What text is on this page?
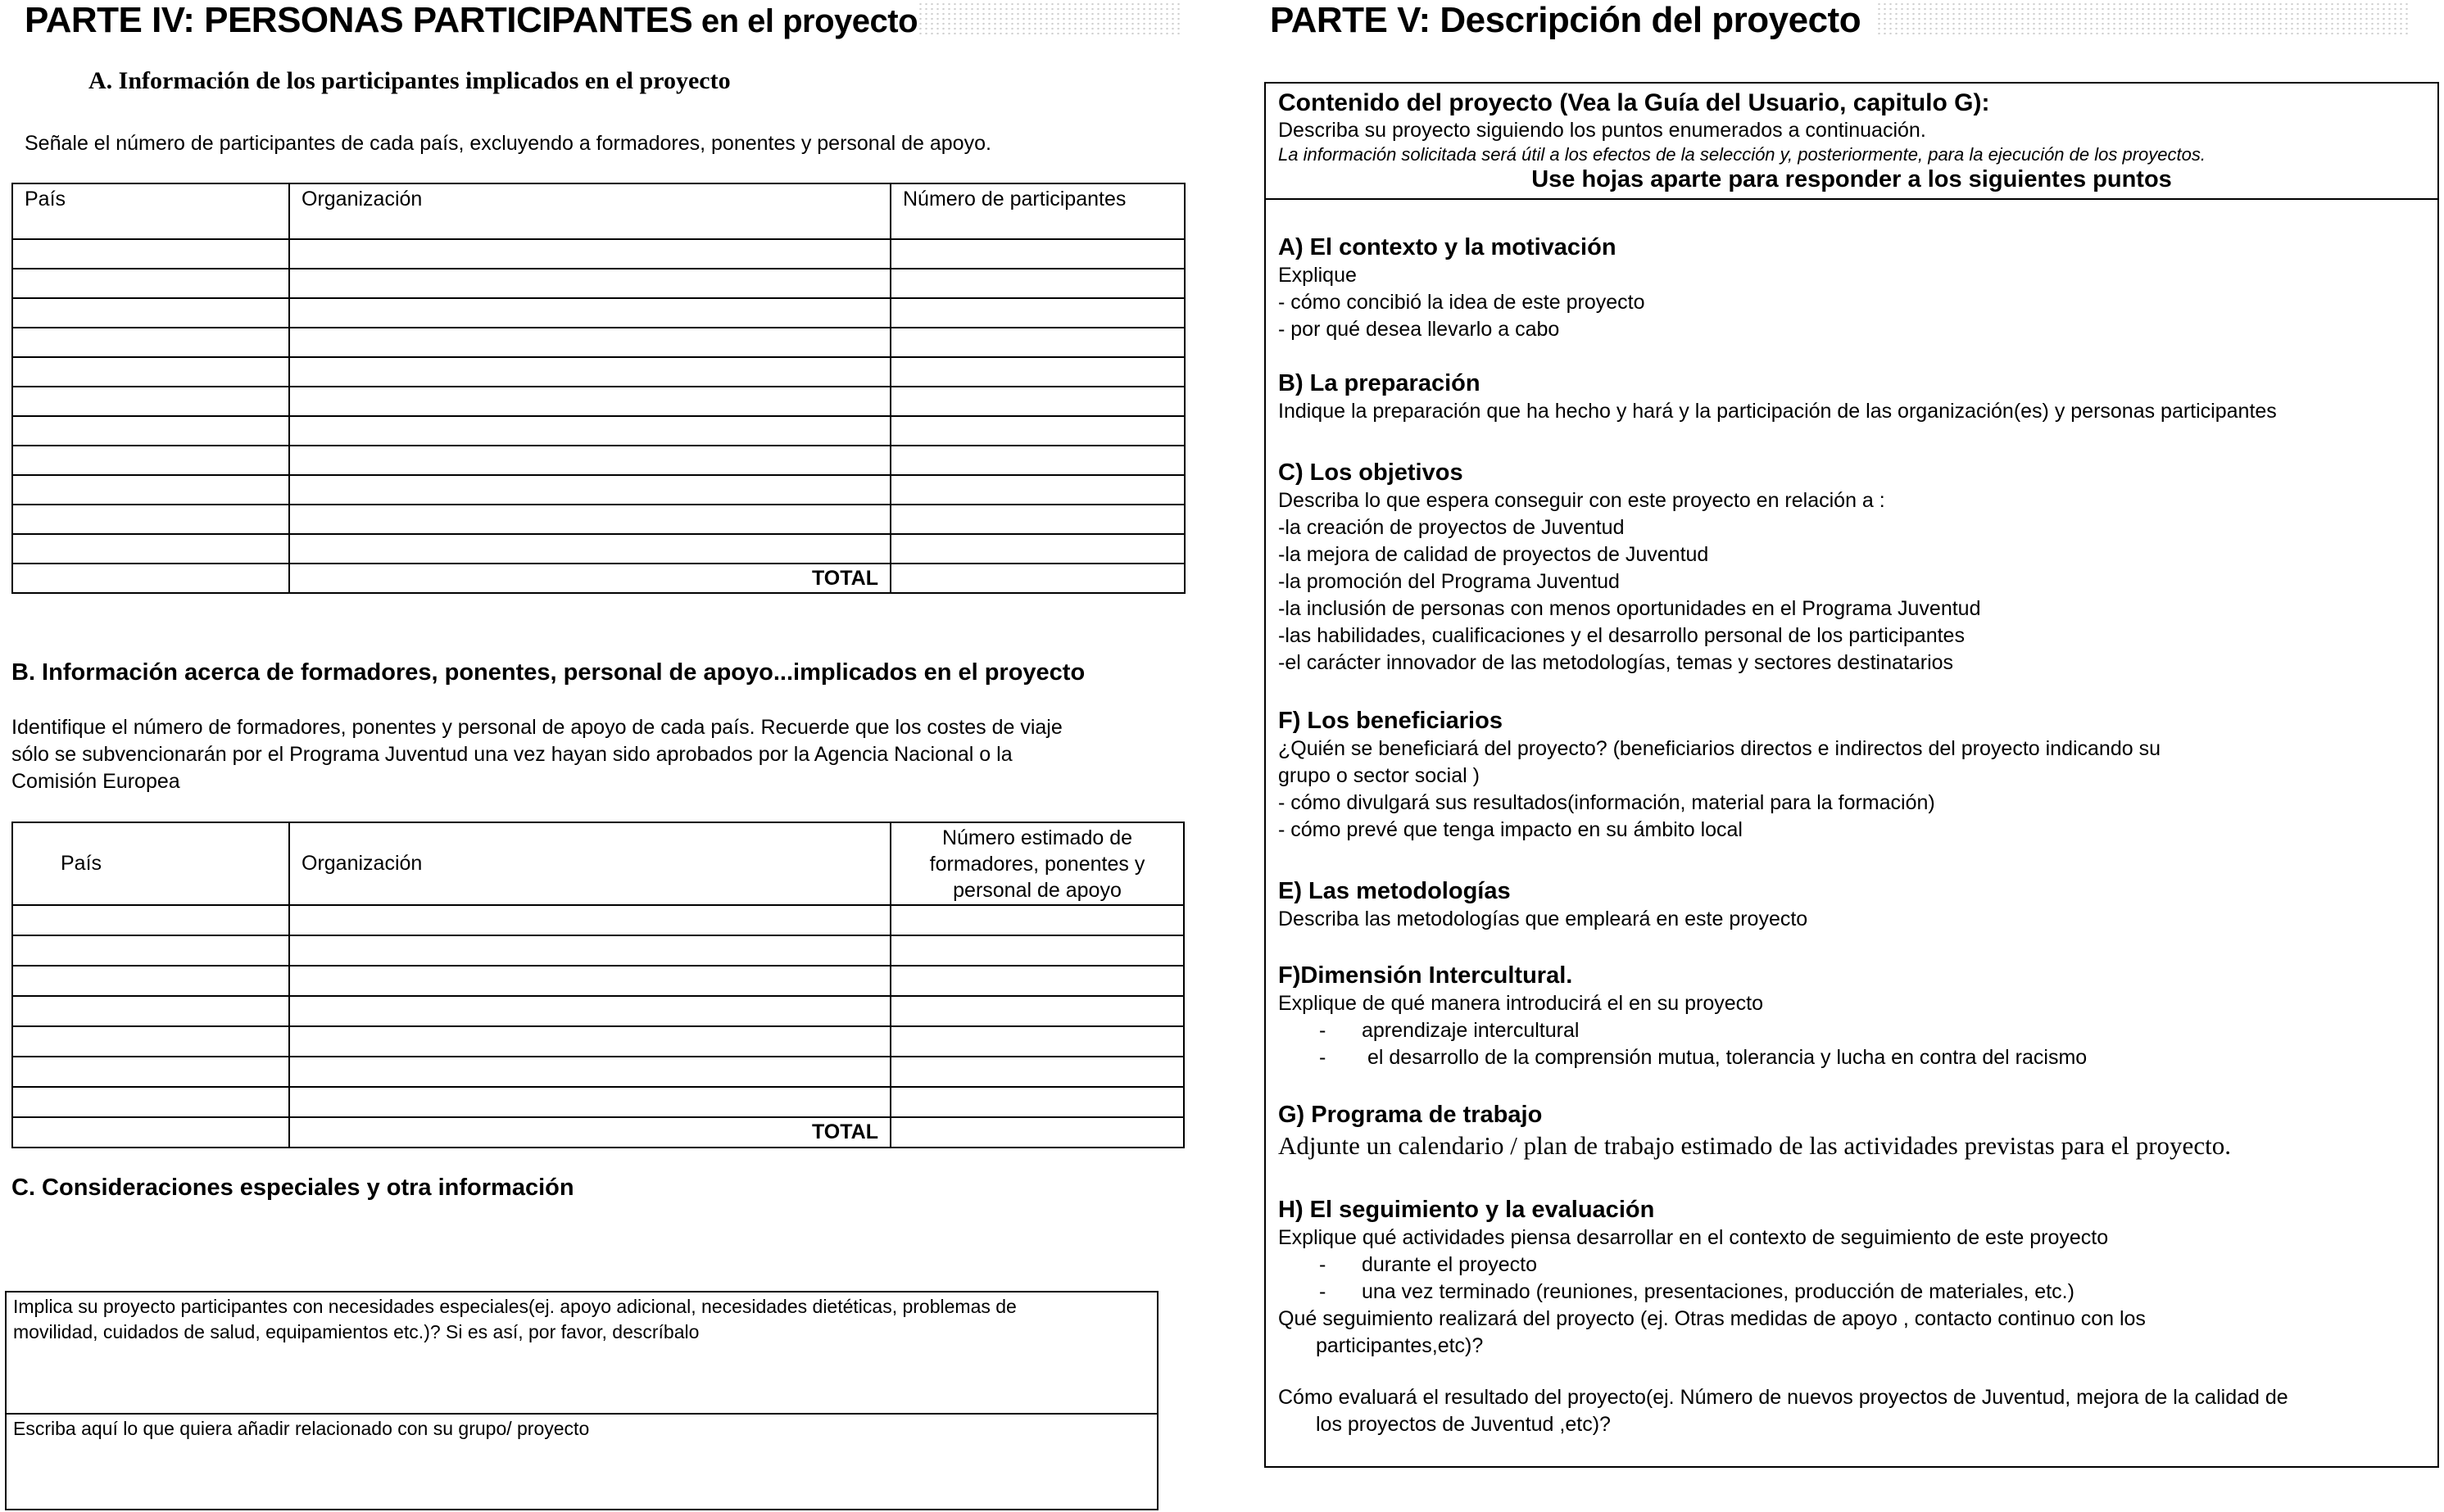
PARTE IV: PERSONAS PARTICIPANTES en el proyecto
A. Información de los participantes implicados en el proyecto
Señale el número de participantes de cada país, excluyendo a formadores, ponentes y personal de apoyo.
País	Organización	Número de participantes

	TOTAL	
B. Información acerca de formadores, ponentes, personal de apoyo...implicados en el proyecto
Identifique el número de formadores, ponentes y personal de apoyo de cada país. Recuerde que los costes de viaje
sólo se subvencionarán por el Programa Juventud una vez hayan sido aprobados por la Agencia Nacional o la
Comisión Europea
País	Organización	Número estimado de
formadores, ponentes y
personal de apoyo

	TOTAL	
C. Consideraciones especiales y otra información
Implica su proyecto participantes con necesidades especiales(ej. apoyo adicional, necesidades dietéticas, problemas de
movilidad, cuidados de salud, equipamientos etc.)? Si es así, por favor, descríbalo
Escriba aquí lo que quiera añadir relacionado con su grupo/ proyecto
PARTE V: Descripción del proyecto
Contenido del proyecto (Vea la Guía del Usuario, capitulo G):
Describa su proyecto siguiendo los puntos enumerados a continuación.
La información solicitada será útil a los efectos de la selección y, posteriormente, para la ejecución de los proyectos.
Use hojas aparte para responder a los siguientes puntos
A) El contexto y la motivación
Explique
- cómo concibió la idea de este proyecto
- por qué desea llevarlo a cabo
B) La preparación
Indique la preparación que ha hecho y hará y la participación de las organización(es) y personas participantes
C) Los objetivos
Describa lo que espera conseguir con este proyecto en relación a :
-la creación de proyectos de Juventud
-la mejora de calidad de proyectos de Juventud
-la promoción del Programa Juventud
-la inclusión de personas con menos oportunidades en el Programa Juventud
-las habilidades, cualificaciones y el desarrollo personal de los participantes
-el carácter innovador de las metodologías, temas y sectores destinatarios
F) Los beneficiarios
¿Quién se beneficiará del proyecto? (beneficiarios directos e indirectos del proyecto indicando su
grupo o sector social )
- cómo divulgará sus resultados(información, material para la formación)
- cómo prevé que tenga impacto en su ámbito local
E) Las metodologías
Describa las metodologías que empleará en este proyecto
F)Dimensión Intercultural.
Explique de qué manera introducirá el en su proyecto
- aprendizaje intercultural
- el desarrollo de la comprensión mutua, tolerancia y lucha en contra del racismo
G) Programa de trabajo
Adjunte un calendario / plan de trabajo estimado de las actividades previstas para el proyecto.
H) El seguimiento y la evaluación
Explique qué actividades piensa desarrollar en el contexto de seguimiento de este proyecto
- durante el proyecto
- una vez terminado (reuniones, presentaciones, producción de materiales, etc.)
Qué seguimiento realizará del proyecto (ej. Otras medidas de apoyo , contacto continuo con los
participantes,etc)?
Cómo evaluará el resultado del proyecto(ej. Número de nuevos proyectos de Juventud, mejora de la calidad de
los proyectos de Juventud ,etc)?
